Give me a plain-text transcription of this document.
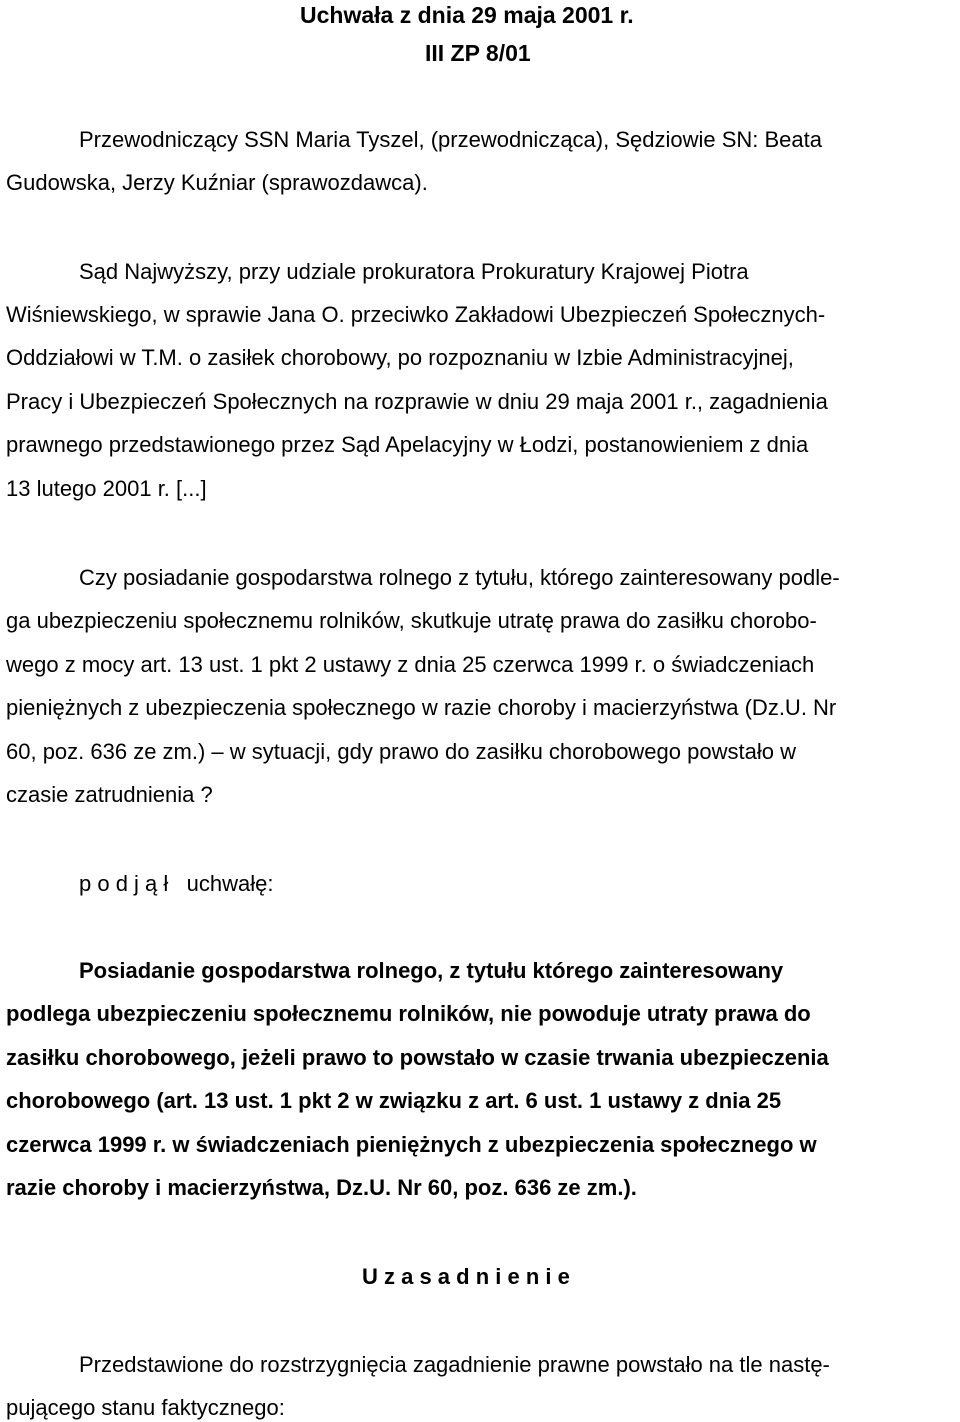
Uchwała z dnia 29 maja 2001 r.

III ZP 8/01

Przewodniczący SSN Maria Tyszel, (przewodnicząca), Sędziowie SN: Beata

Gudowska, Jerzy Kuźniar (sprawozdawca).

Sąd Najwyższy, przy udziale prokuratora Prokuratury Krajowej Piotra

Wiśniewskiego, w sprawie Jana O. przeciwko Zakładowi Ubezpieczeń Społecznych-

Oddziałowi w T.M. o zasiłek chorobowy, po rozpoznaniu w Izbie Administracyjnej,

Pracy i Ubezpieczeń Społecznych na rozprawie w dniu 29 maja 2001 r., zagadnienia

prawnego przedstawionego przez Sąd Apelacyjny w Łodzi, postanowieniem z dnia

13 lutego 2001 r. [...]

Czy posiadanie gospodarstwa rolnego z tytułu, którego zainteresowany podle-

ga ubezpieczeniu społecznemu rolników, skutkuje utratę prawa do zasiłku chorobo-

wego z mocy art. 13 ust. 1 pkt 2 ustawy z dnia 25 czerwca 1999 r. o świadczeniach

pieniężnych z ubezpieczenia społecznego w razie choroby i macierzyństwa (Dz.U. Nr

60, poz. 636 ze zm.) – w sytuacji, gdy prawo do zasiłku chorobowego powstało w

czasie zatrudnienia ?

p o d j ą ł   uchwałę:

Posiadanie gospodarstwa rolnego, z tytułu którego zainteresowany

podlega ubezpieczeniu społecznemu rolników, nie powoduje utraty prawa do

zasiłku chorobowego, jeżeli prawo to powstało w czasie trwania ubezpieczenia

chorobowego (art. 13 ust. 1 pkt 2 w związku z art. 6 ust. 1 ustawy z dnia 25

czerwca 1999 r. w świadczeniach pieniężnych z ubezpieczenia społecznego w

razie choroby i macierzyństwa, Dz.U. Nr 60, poz. 636 ze zm.).

U z a s a d n i e n i e

Przedstawione do rozstrzygnięcia zagadnienie prawne powstało na tle nastę-

pującego stanu faktycznego:
